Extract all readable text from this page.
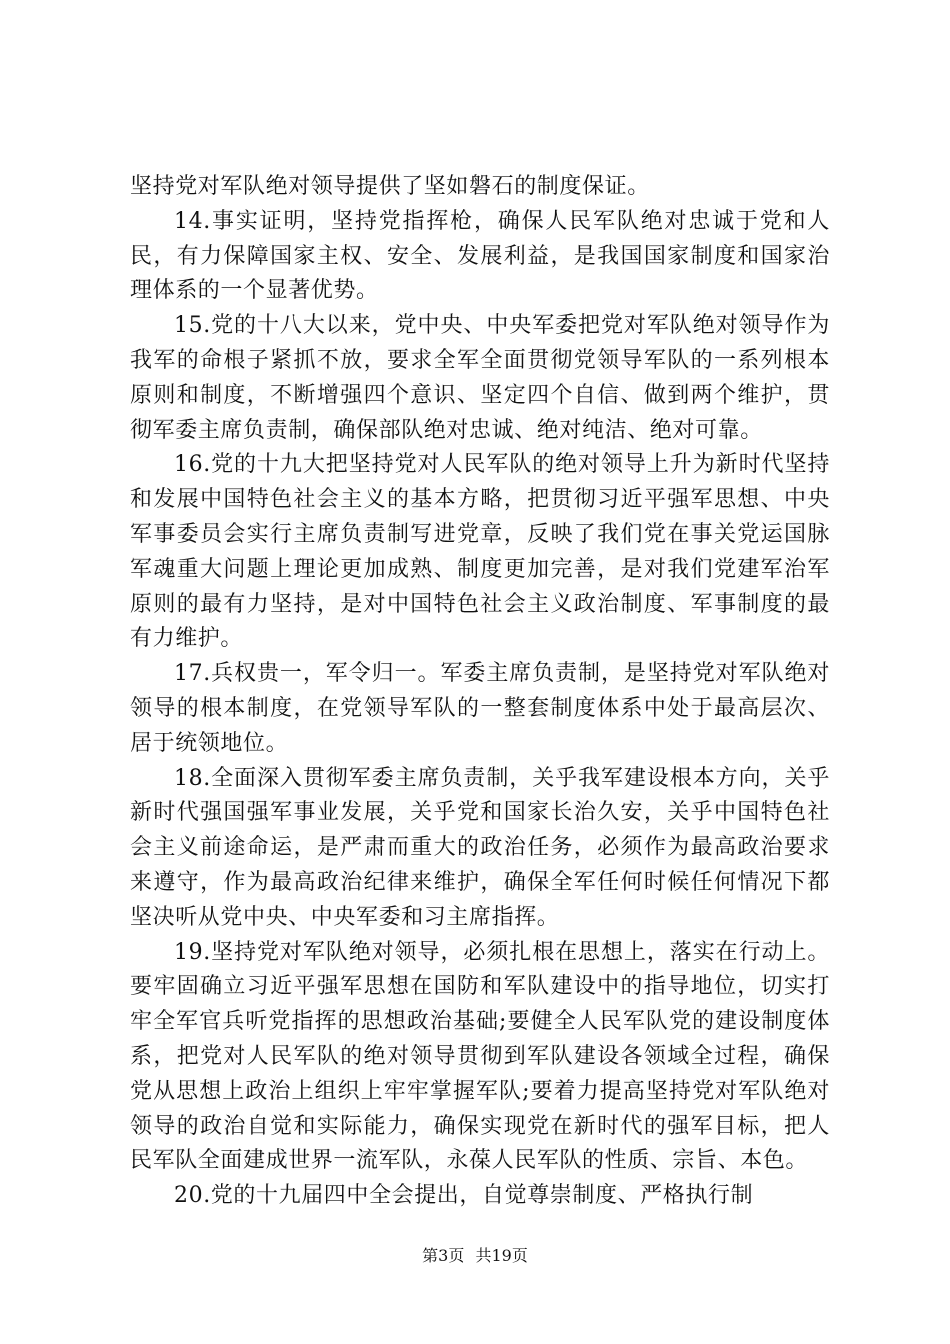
坚持党对军队绝对领导提供了坚如磐石的制度保证。

14.事实证明，坚持党指挥枪，确保人民军队绝对忠诚于党和人民，有力保障国家主权、安全、发展利益，是我国国家制度和国家治理体系的一个显著优势。

15.党的十八大以来，党中央、中央军委把党对军队绝对领导作为我军的命根子紧抓不放，要求全军全面贯彻党领导军队的一系列根本原则和制度，不断增强四个意识、坚定四个自信、做到两个维护，贯彻军委主席负责制，确保部队绝对忠诚、绝对纯洁、绝对可靠。

16.党的十九大把坚持党对人民军队的绝对领导上升为新时代坚持和发展中国特色社会主义的基本方略，把贯彻习近平强军思想、中央军事委员会实行主席负责制写进党章，反映了我们党在事关党运国脉军魂重大问题上理论更加成熟、制度更加完善，是对我们党建军治军原则的最有力坚持，是对中国特色社会主义政治制度、军事制度的最有力维护。

17.兵权贵一，军令归一。军委主席负责制，是坚持党对军队绝对领导的根本制度，在党领导军队的一整套制度体系中处于最高层次、居于统领地位。

18.全面深入贯彻军委主席负责制，关乎我军建设根本方向，关乎新时代强国强军事业发展，关乎党和国家长治久安，关乎中国特色社会主义前途命运，是严肃而重大的政治任务，必须作为最高政治要求来遵守，作为最高政治纪律来维护，确保全军任何时候任何情况下都坚决听从党中央、中央军委和习主席指挥。

19.坚持党对军队绝对领导，必须扎根在思想上，落实在行动上。要牢固确立习近平强军思想在国防和军队建设中的指导地位，切实打牢全军官兵听党指挥的思想政治基础;要健全人民军队党的建设制度体系，把党对人民军队的绝对领导贯彻到军队建设各领域全过程，确保党从思想上政治上组织上牢牢掌握军队;要着力提高坚持党对军队绝对领导的政治自觉和实际能力，确保实现党在新时代的强军目标，把人民军队全面建成世界一流军队，永葆人民军队的性质、宗旨、本色。

20.党的十九届四中全会提出，自觉尊崇制度、严格执行制

第3页 共19页
